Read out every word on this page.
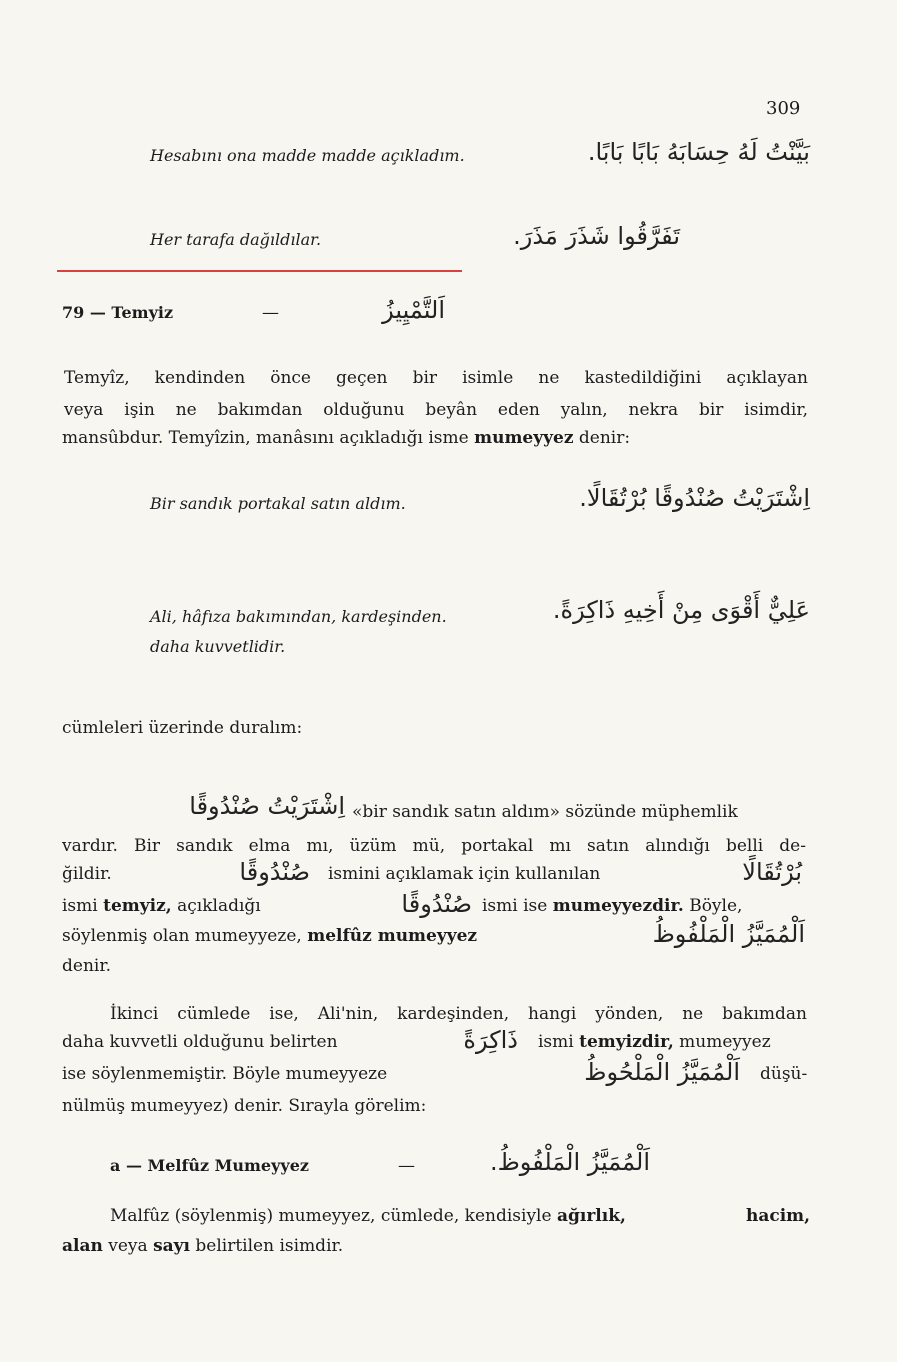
309
Hesabını ona madde madde açıkladım.	بَيَّنْتُ لَهُ حِسَابَهُ بَابًا بَابًا.
Her tarafa dağıldılar.	تَفَرَّقُوا شَذَرَ مَذَرَ.
79 — Temyiz	—	اَلتَّمْيِيزُ
Temyîz, kendinden önce geçen bir isimle ne kastedildiğini açıklayan
veya işin ne bakımdan olduğunu beyân eden yalın, nekra bir isimdir,
mansûbdur. Temyîzin, manâsını açıkladığı isme mumeyyez denir:
Bir sandık portakal satın aldım.	اِشْتَرَيْتُ صُنْدُوقًا بُرْتُقَالًا.
Ali, hâfıza bakımından, kardeşinden.
daha kuvvetlidir.
عَلِيٌّ أَقْوَى مِنْ أَخِيهِ ذَاكِرَةً.
cümleleri üzerinde duralım:
اِشْتَرَيْتُ صُنْدُوقًا «bir sandık satın aldım» sözünde müphemlik
vardır. Bir sandık elma mı, üzüm mü, portakal mı satın alındığı belli de-
ğildir.	صُنْدُوقًا ismini açıklamak için kullanılan	بُرْتُقَالًا
ismi temyiz, açıkladığı	صُنْدُوقًا ismi ise mumeyyezdir. Böyle,
söylenmiş olan mumeyyeze, melfûz mumeyyez	اَلْمُمَيَّزُ الْمَلْفُوظُ
denir.
İkinci cümlede ise, Ali'nin, kardeşinden, hangi yönden, ne bakımdan
daha kuvvetli olduğunu belirten	ذَاكِرَةً ismi temyizdir, mumeyyez
ise söylenmemiştir. Böyle mumeyyeze	اَلْمُمَيَّزُ الْمَلْحُوظُ düşü-
nülmüş mumeyyez) denir. Sırayla görelim:
a — Melfûz Mumeyyez	—	اَلْمُمَيَّزُ الْمَلْفُوظُ.
Malfûz (söylenmiş) mumeyyez, cümlede, kendisiyle ağırlık,	hacim,
alan veya sayı belirtilen isimdir.
